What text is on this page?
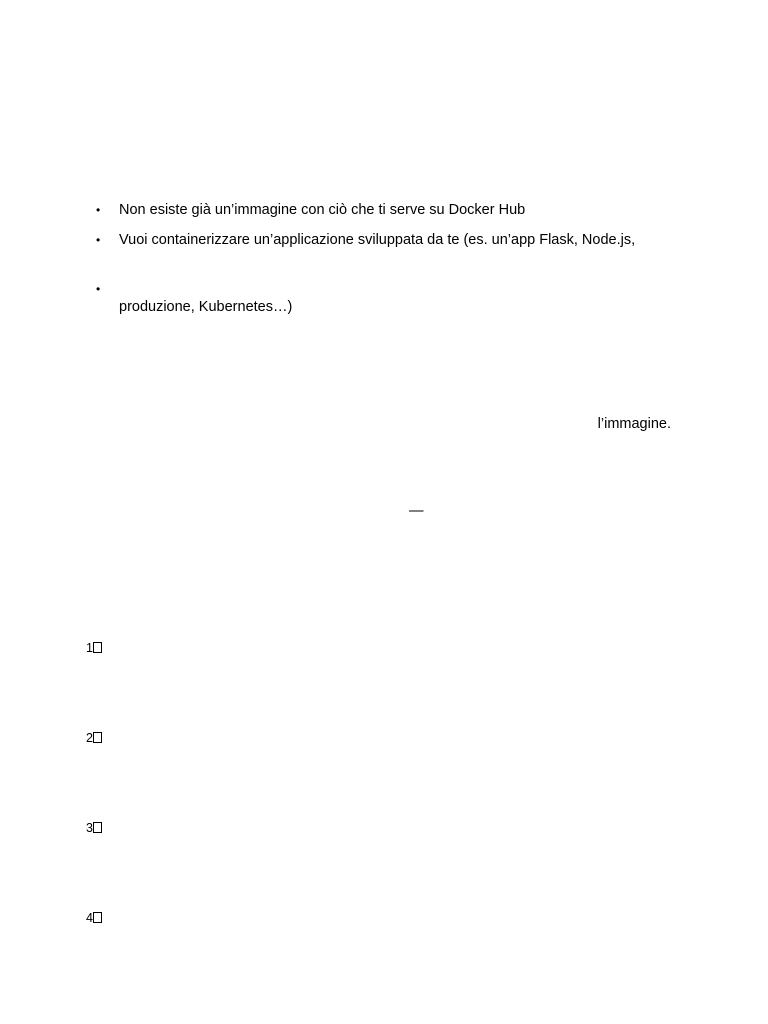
•	Non esiste già un’immagine con ciò che ti serve su Docker Hub
•	Vuoi containerizzare un’applicazione sviluppata da te (es. un’app Flask, Node.js,
•
produzione, Kubernetes…)
l’immagine.
—
1
2
3
4
